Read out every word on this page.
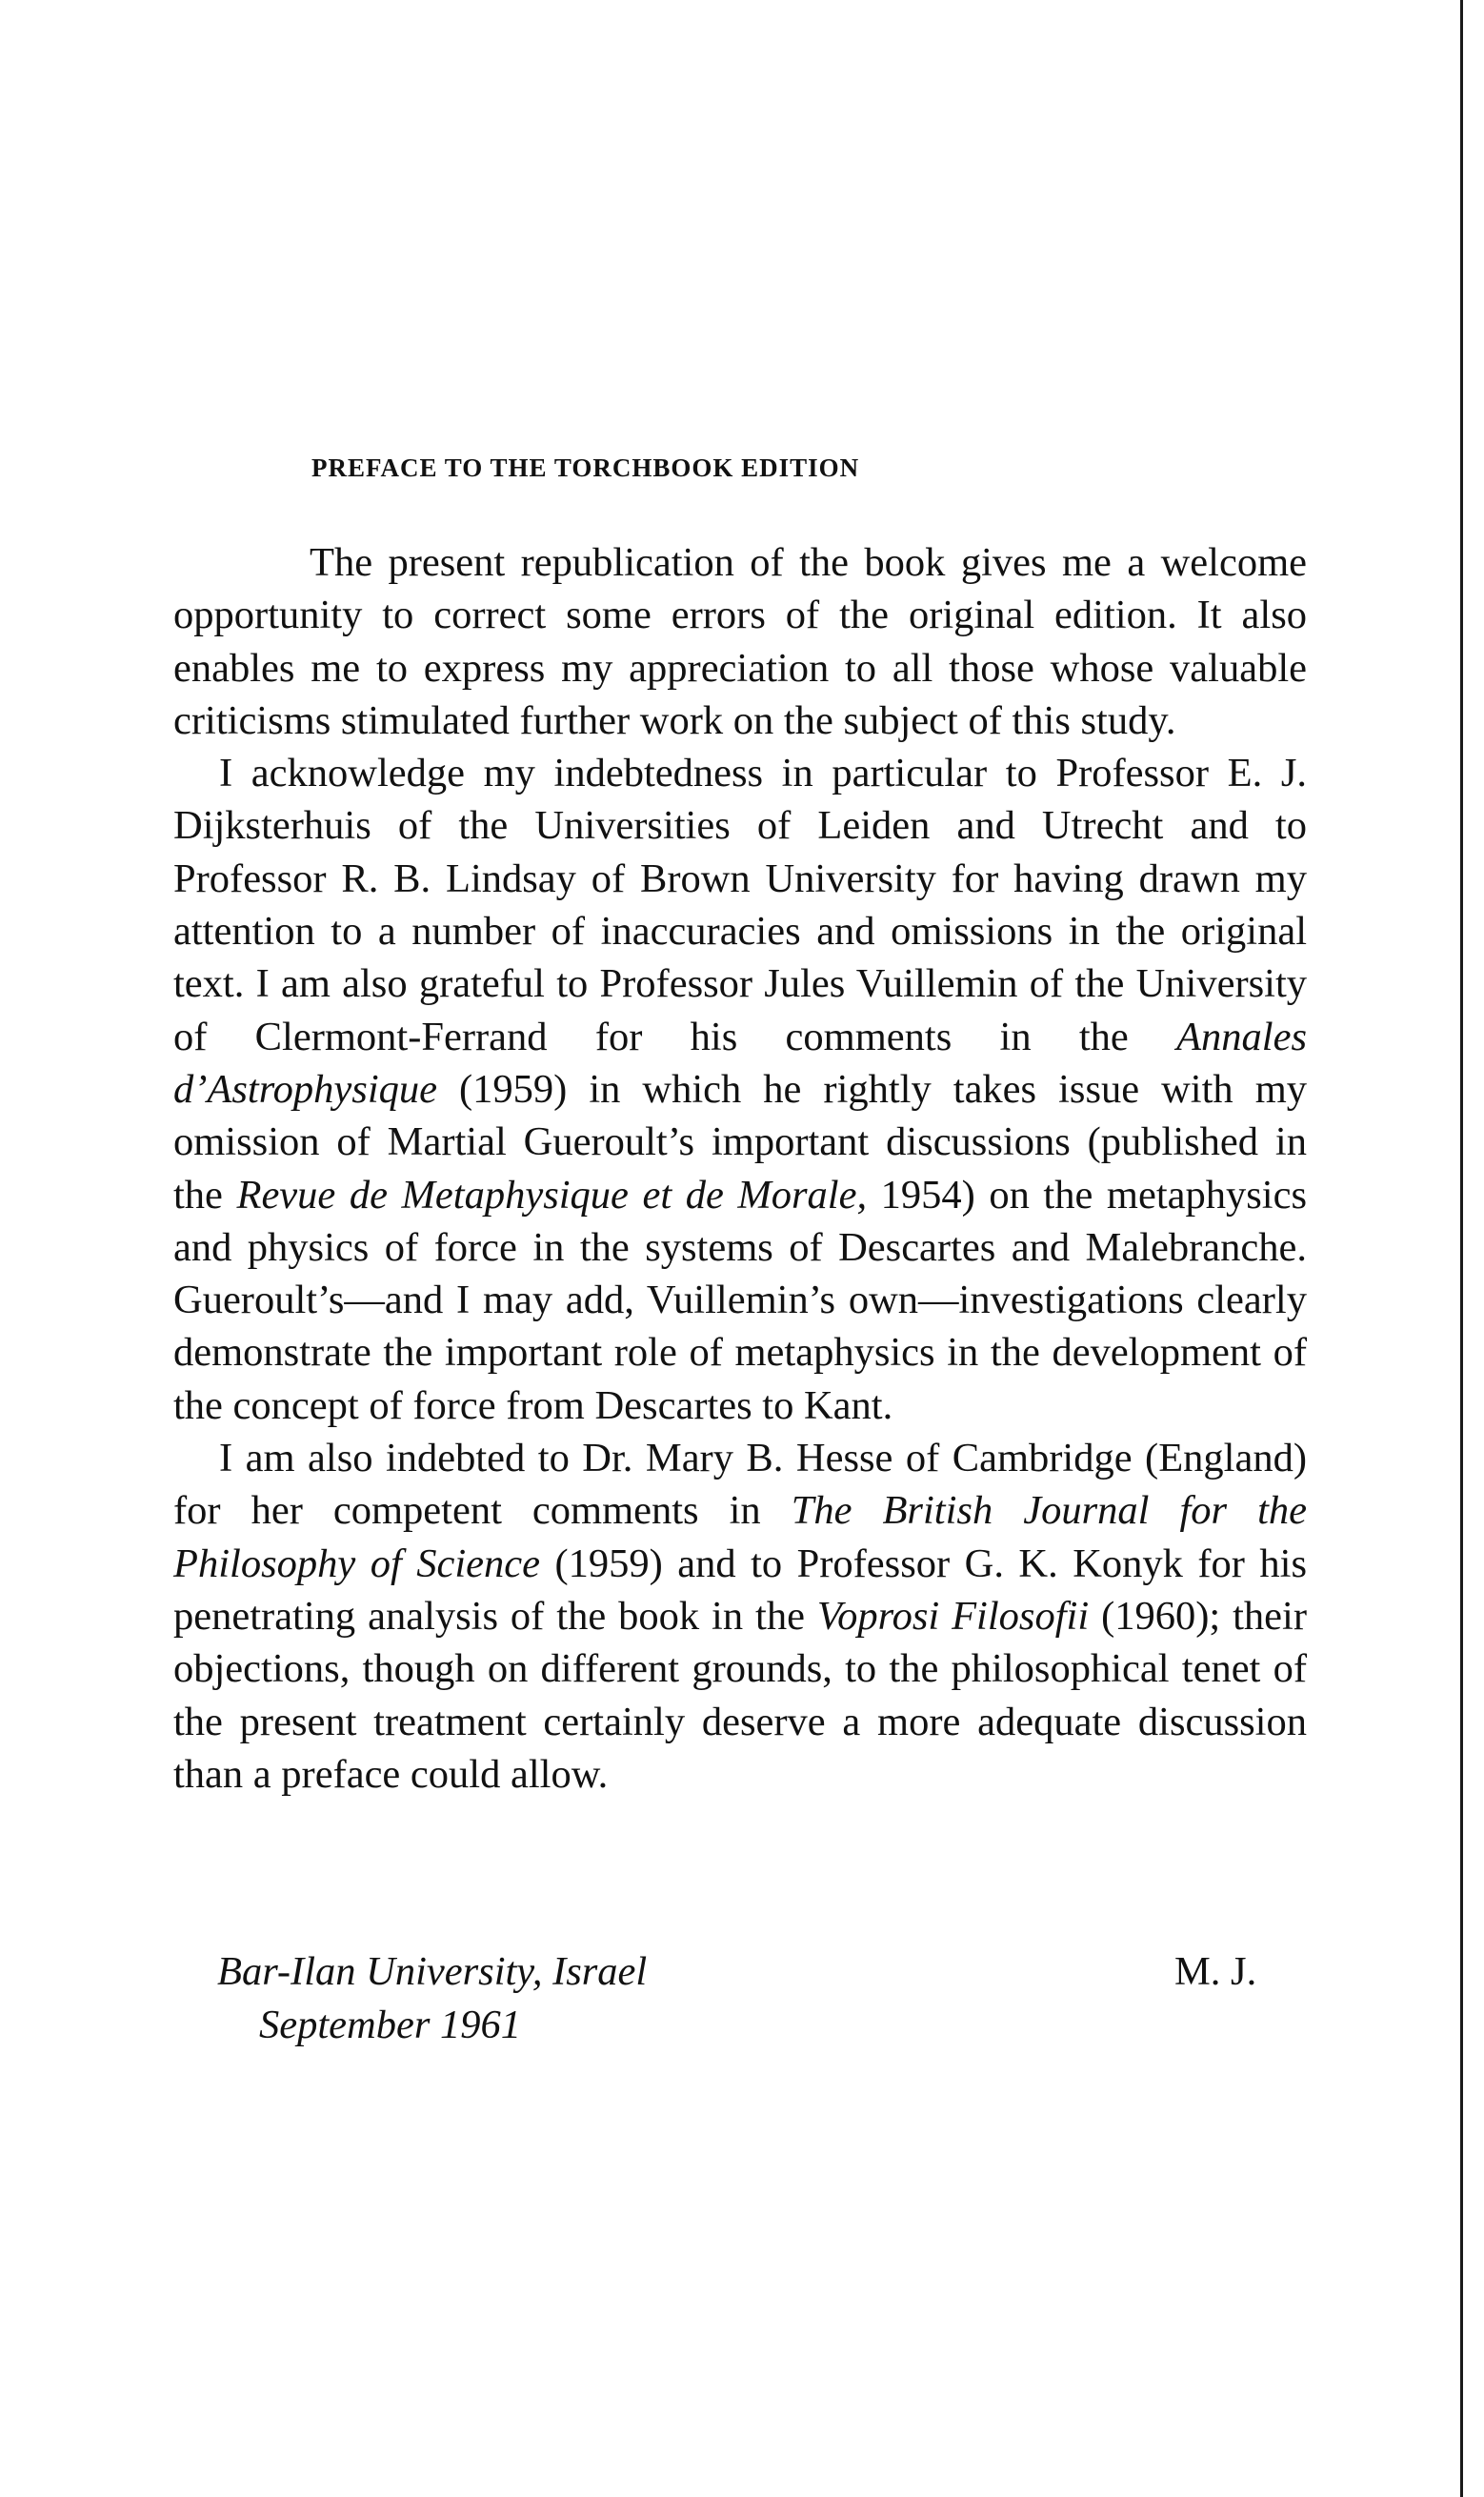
PREFACE TO THE TORCHBOOK EDITION

The present republication of the book gives me a welcome opportunity to correct some errors of the original edition. It also enables me to express my appreciation to all those whose valuable criticisms stimulated further work on the subject of this study.

I acknowledge my indebtedness in particular to Professor E. J. Dijksterhuis of the Universities of Leiden and Utrecht and to Professor R. B. Lindsay of Brown University for having drawn my attention to a number of inaccuracies and omissions in the original text. I am also grateful to Professor Jules Vuillemin of the University of Clermont-Ferrand for his comments in the Annales d’Astrophysique (1959) in which he rightly takes issue with my omission of Martial Gueroult’s important discussions (published in the Revue de Metaphysique et de Morale, 1954) on the metaphysics and physics of force in the systems of Descartes and Malebranche. Gueroult’s—and I may add, Vuillemin’s own—investigations clearly demonstrate the important role of metaphysics in the development of the concept of force from Descartes to Kant.

I am also indebted to Dr. Mary B. Hesse of Cambridge (England) for her competent comments in The British Journal for the Philosophy of Science (1959) and to Professor G. K. Konyk for his penetrating analysis of the book in the Voprosi Filosofii (1960); their objections, though on different grounds, to the philosophical tenet of the present treatment certainly deserve a more adequate discussion than a preface could allow.

Bar-Ilan University, Israel
September 1961
M. J.
